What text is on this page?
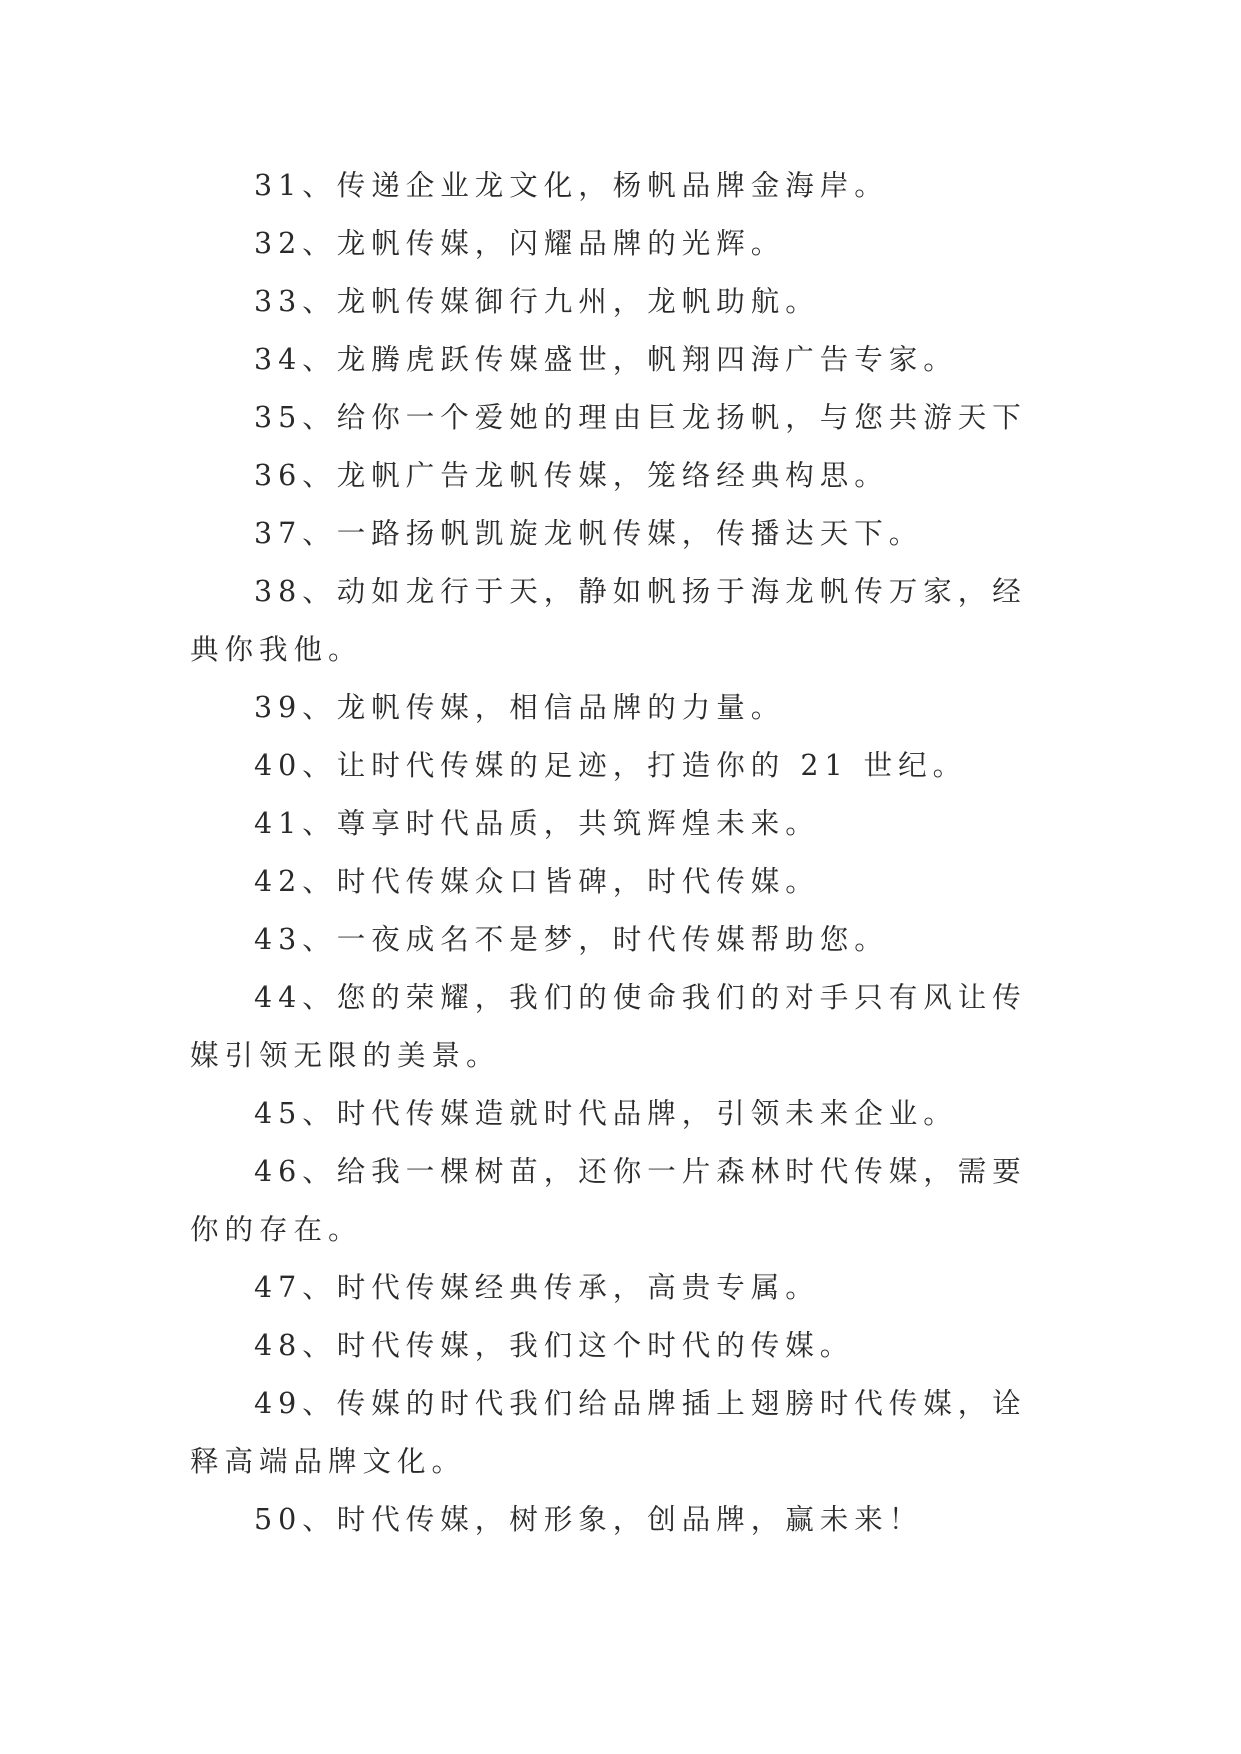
31、传递企业龙文化，杨帆品牌金海岸。

32、龙帆传媒，闪耀品牌的光辉。

33、龙帆传媒御行九州，龙帆助航。

34、龙腾虎跃传媒盛世，帆翔四海广告专家。

35、给你一个爱她的理由巨龙扬帆，与您共游天下

36、龙帆广告龙帆传媒，笼络经典构思。

37、一路扬帆凯旋龙帆传媒，传播达天下。

38、动如龙行于天，静如帆扬于海龙帆传万家，经典你我他。

39、龙帆传媒，相信品牌的力量。

40、让时代传媒的足迹，打造你的 21 世纪。

41、尊享时代品质，共筑辉煌未来。

42、时代传媒众口皆碑，时代传媒。

43、一夜成名不是梦，时代传媒帮助您。

44、您的荣耀，我们的使命我们的对手只有风让传媒引领无限的美景。

45、时代传媒造就时代品牌，引领未来企业。

46、给我一棵树苗，还你一片森林时代传媒，需要你的存在。

47、时代传媒经典传承，高贵专属。

48、时代传媒，我们这个时代的传媒。

49、传媒的时代我们给品牌插上翅膀时代传媒，诠释高端品牌文化。

50、时代传媒，树形象，创品牌，赢未来！
